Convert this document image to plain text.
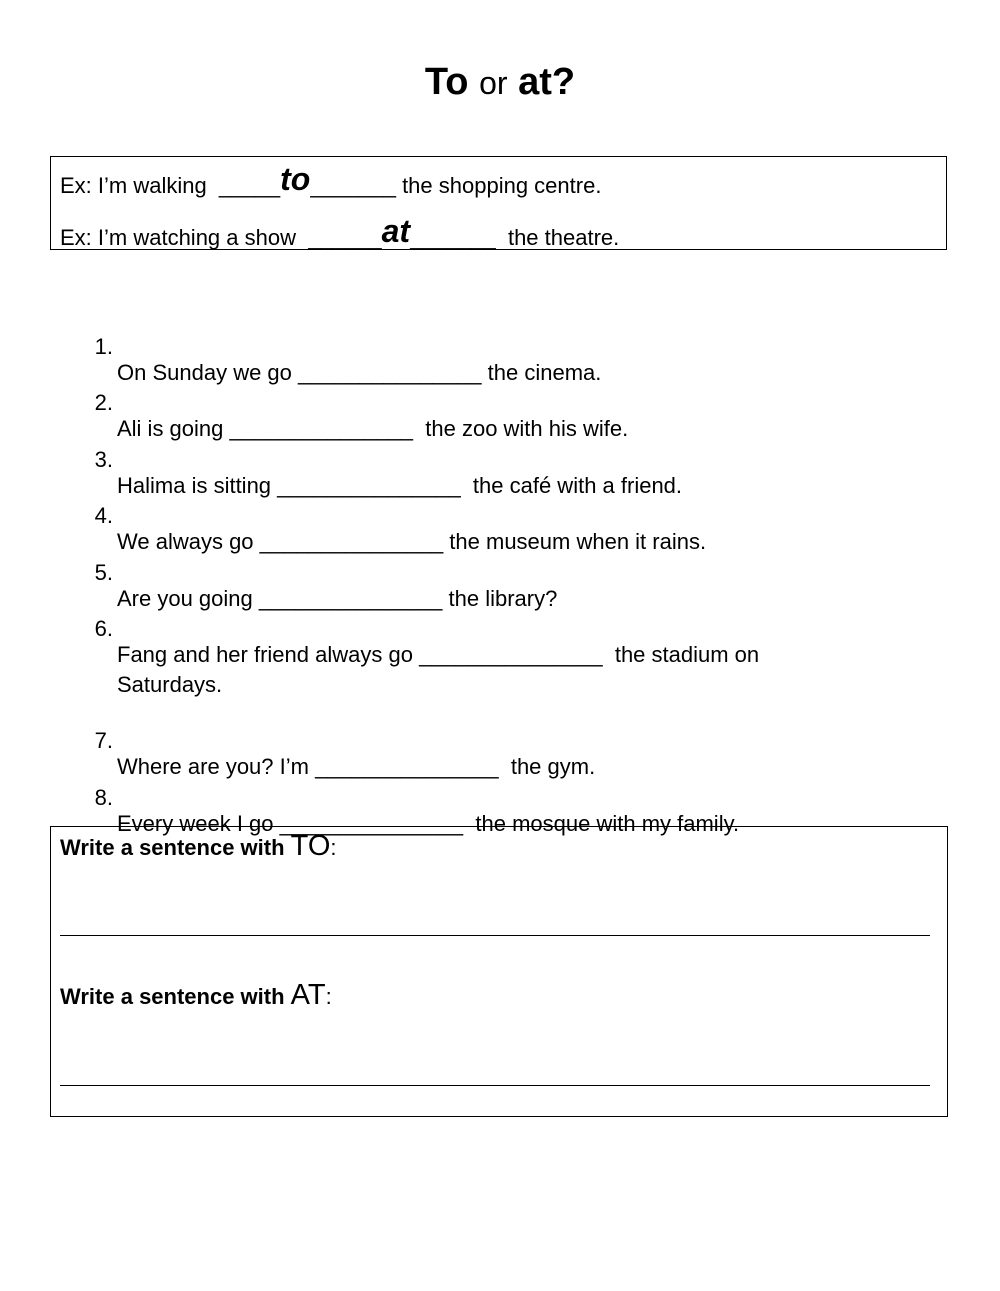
To or at?
Ex: I’m walking  _____to_______ the shopping centre.
Ex: I’m watching a show  ______at_______  the theatre.

1.

On Sunday we go _______________ the cinema.

2.

Ali is going _______________  the zoo with his wife.

3.

Halima is sitting _______________  the café with a friend.

4.

We always go _______________ the museum when it rains.

5.

Are you going _______________ the library?

6.

Fang and her friend always go _______________  the stadium on

Saturdays.

7.

Where are you? I’m _______________  the gym.

8.

Every week I go _______________  the mosque with my family.

Write a sentence with TO:
Write a sentence with AT:
